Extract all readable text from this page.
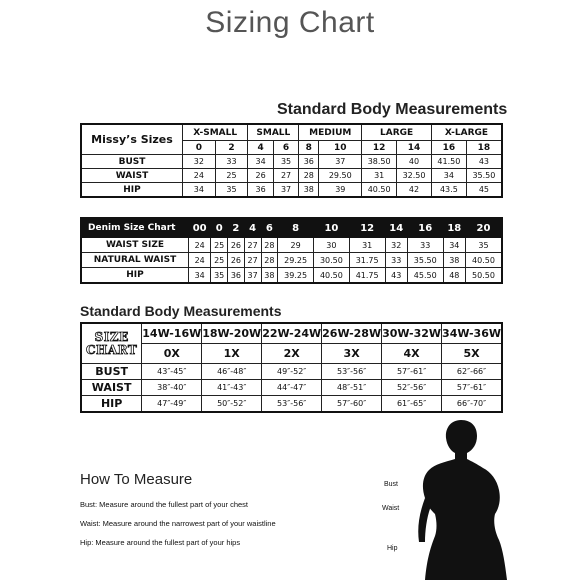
Sizing Chart
Standard Body Measurements
Missy’s Sizes	X-SMALL		SMALL		MEDIUM		LARGE		X-LARGE	
	0	2	4	6	8	10	12	14	16	18
BUST	32	33	34	35	36	37	38.50	40	41.50	43
WAIST	24	25	26	27	28	29.50	31	32.50	34	35.50
HIP	34	35	36	37	38	39	40.50	42	43.5	45
Denim Size Chart	00	0	2	4	6	8	10	12	14	16	18	20
WAIST SIZE	24	25	26	27	28	29	30	31	32	33	34	35
NATURAL WAIST	24	25	26	27	28	29.25	30.50	31.75	33	35.50	38	40.50
HIP	34	35	36	37	38	39.25	40.50	41.75	43	45.50	48	50.50
Standard Body Measurements
SIZE
CHART	14W-16W	18W-20W	22W-24W	26W-28W	30W-32W	34W-36W
	0X	1X	2X	3X	4X	5X
BUST	43″-45″	46″-48″	49″-52″	53″-56″	57″-61″	62″-66″
WAIST	38″-40″	41″-43″	44″-47″	48″-51″	52″-56″	57″-61″
HIP	47″-49″	50″-52″	53″-56″	57″-60″	61″-65″	66″-70″
How To Measure
Bust: Measure around the fullest part of your chest
Waist: Measure around the narrowest part of your waistline
Hip: Measure around the fullest part of your hips
Bust
Waist
Hip
